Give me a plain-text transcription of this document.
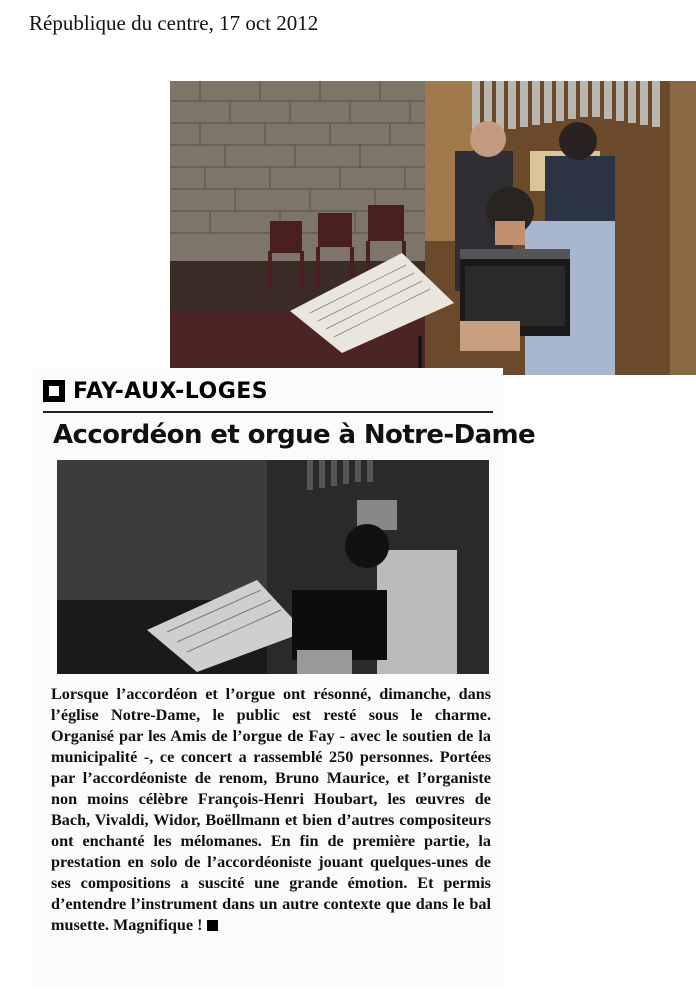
République du centre, 17 oct 2012
FAY-AUX-LOGES
Accordéon et orgue à Notre-Dame
Lorsque l’accordéon et l’orgue ont résonné, dimanche, dans l’église Notre-Dame, le public est resté sous le charme. Organisé par les Amis de l’orgue de Fay - avec le soutien de la municipalité -, ce concert a rassemblé 250 personnes. Portées par l’accordéoniste de renom, Bruno Maurice, et l’organiste non moins célèbre François-Henri Houbart, les œuvres de Bach, Vivaldi, Widor, Boëllmann et bien d’autres compositeurs ont enchanté les mélomanes. En fin de première partie, la prestation en solo de l’accordéoniste jouant quelques-unes de ses compositions a suscité une grande émotion. Et permis d’entendre l’instrument dans un autre contexte que dans le bal musette. Magnifique !
